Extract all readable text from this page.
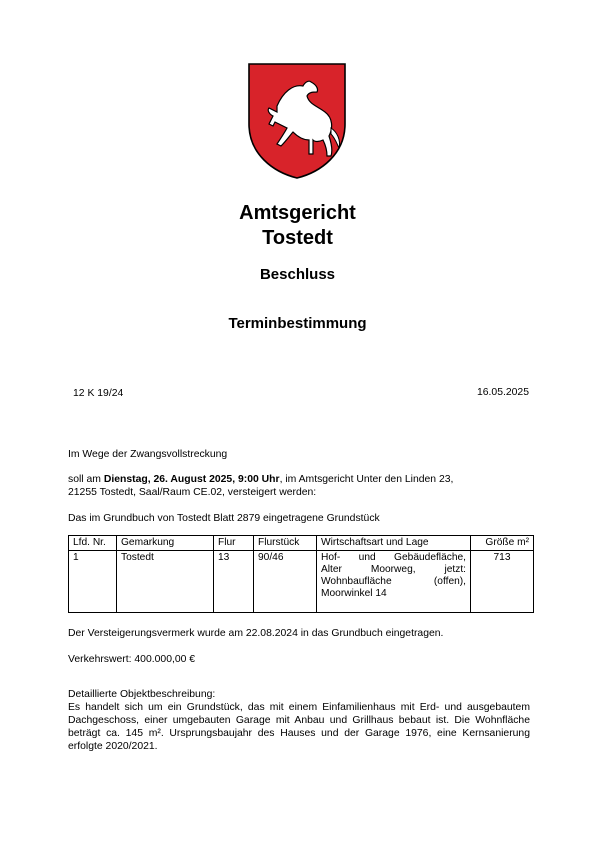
Amtsgericht
Tostedt
Beschluss
Terminbestimmung
12 K 19/24	16.05.2025
Im Wege der Zwangsvollstreckung
soll am Dienstag, 26. August 2025, 9:00 Uhr, im Amtsgericht Unter den Linden 23,
21255 Tostedt, Saal/Raum CE.02, versteigert werden:
Das im Grundbuch von Tostedt Blatt 2879 eingetragene Grundstück
Lfd. Nr.	Gemarkung	Flur	Flurstück	Wirtschaftsart und Lage	Größe m²
1	Tostedt	13	90/46	Hof- und Gebäudefläche,
Alter Moorweg, jetzt:
Wohnbaufläche (offen),
Moorwinkel 14	713
Der Versteigerungsvermerk wurde am 22.08.2024 in das Grundbuch eingetragen.
Verkehrswert: 400.000,00 €
Detaillierte Objektbeschreibung:
Es handelt sich um ein Grundstück, das mit einem Einfamilienhaus mit Erd- und ausgebautem Dachgeschoss, einer umgebauten Garage mit Anbau und Grillhaus bebaut ist. Die Wohnfläche beträgt ca. 145 m². Ursprungsbaujahr des Hauses und der Garage 1976, eine Kernsanierung erfolgte 2020/2021.
